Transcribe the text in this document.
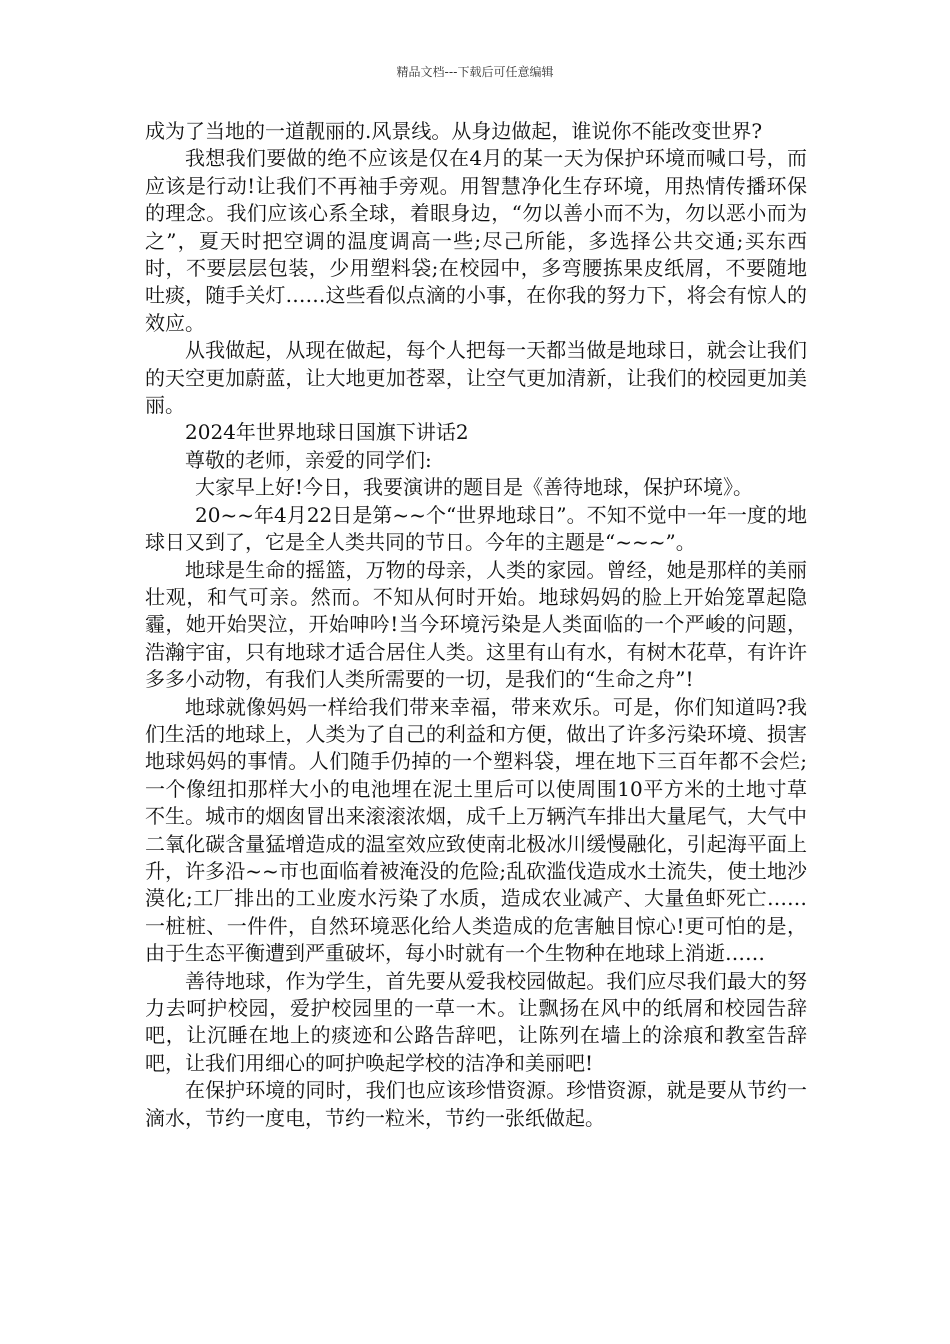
精品文档---下载后可任意编辑

成为了当地的一道靓丽的.风景线。从身边做起，谁说你不能改变世界?

我想我们要做的绝不应该是仅在4月的某一天为保护环境而喊口号，而应该是行动!让我们不再袖手旁观。用智慧净化生存环境，用热情传播环保的理念。我们应该心系全球，着眼身边，“勿以善小而不为，勿以恶小而为之”，夏天时把空调的温度调高一些;尽己所能，多选择公共交通;买东西时，不要层层包装，少用塑料袋;在校园中，多弯腰拣果皮纸屑，不要随地吐痰，随手关灯……这些看似点滴的小事，在你我的努力下，将会有惊人的效应。

从我做起，从现在做起，每个人把每一天都当做是地球日，就会让我们的天空更加蔚蓝，让大地更加苍翠，让空气更加清新，让我们的校园更加美丽。

2024年世界地球日国旗下讲话2

尊敬的老师，亲爱的同学们:

大家早上好!今日，我要演讲的题目是《善待地球，保护环境》。

20~~年4月22日是第~~个“世界地球日”。不知不觉中一年一度的地球日又到了，它是全人类共同的节日。今年的主题是“~~~”。

地球是生命的摇篮，万物的母亲，人类的家园。曾经，她是那样的美丽壮观，和气可亲。然而。不知从何时开始。地球妈妈的脸上开始笼罩起隐霾，她开始哭泣，开始呻吟!当今环境污染是人类面临的一个严峻的问题，浩瀚宇宙，只有地球才适合居住人类。这里有山有水，有树木花草，有许许多多小动物，有我们人类所需要的一切，是我们的“生命之舟”!

地球就像妈妈一样给我们带来幸福，带来欢乐。可是，你们知道吗?我们生活的地球上，人类为了自己的利益和方便，做出了许多污染环境、损害地球妈妈的事情。人们随手仍掉的一个塑料袋，埋在地下三百年都不会烂;一个像纽扣那样大小的电池埋在泥土里后可以使周围10平方米的土地寸草不生。城市的烟囱冒出来滚滚浓烟，成千上万辆汽车排出大量尾气，大气中二氧化碳含量猛增造成的温室效应致使南北极冰川缓慢融化，引起海平面上升，许多沿~~市也面临着被淹没的危险;乱砍滥伐造成水土流失，使土地沙漠化;工厂排出的工业废水污染了水质，造成农业减产、大量鱼虾死亡……一桩桩、一件件，自然环境恶化给人类造成的危害触目惊心!更可怕的是，由于生态平衡遭到严重破坏，每小时就有一个生物种在地球上消逝……

善待地球，作为学生，首先要从爱我校园做起。我们应尽我们最大的努力去呵护校园，爱护校园里的一草一木。让飘扬在风中的纸屑和校园告辞吧，让沉睡在地上的痰迹和公路告辞吧，让陈列在墙上的涂痕和教室告辞吧，让我们用细心的呵护唤起学校的洁净和美丽吧!

在保护环境的同时，我们也应该珍惜资源。珍惜资源，就是要从节约一滴水，节约一度电，节约一粒米，节约一张纸做起。
